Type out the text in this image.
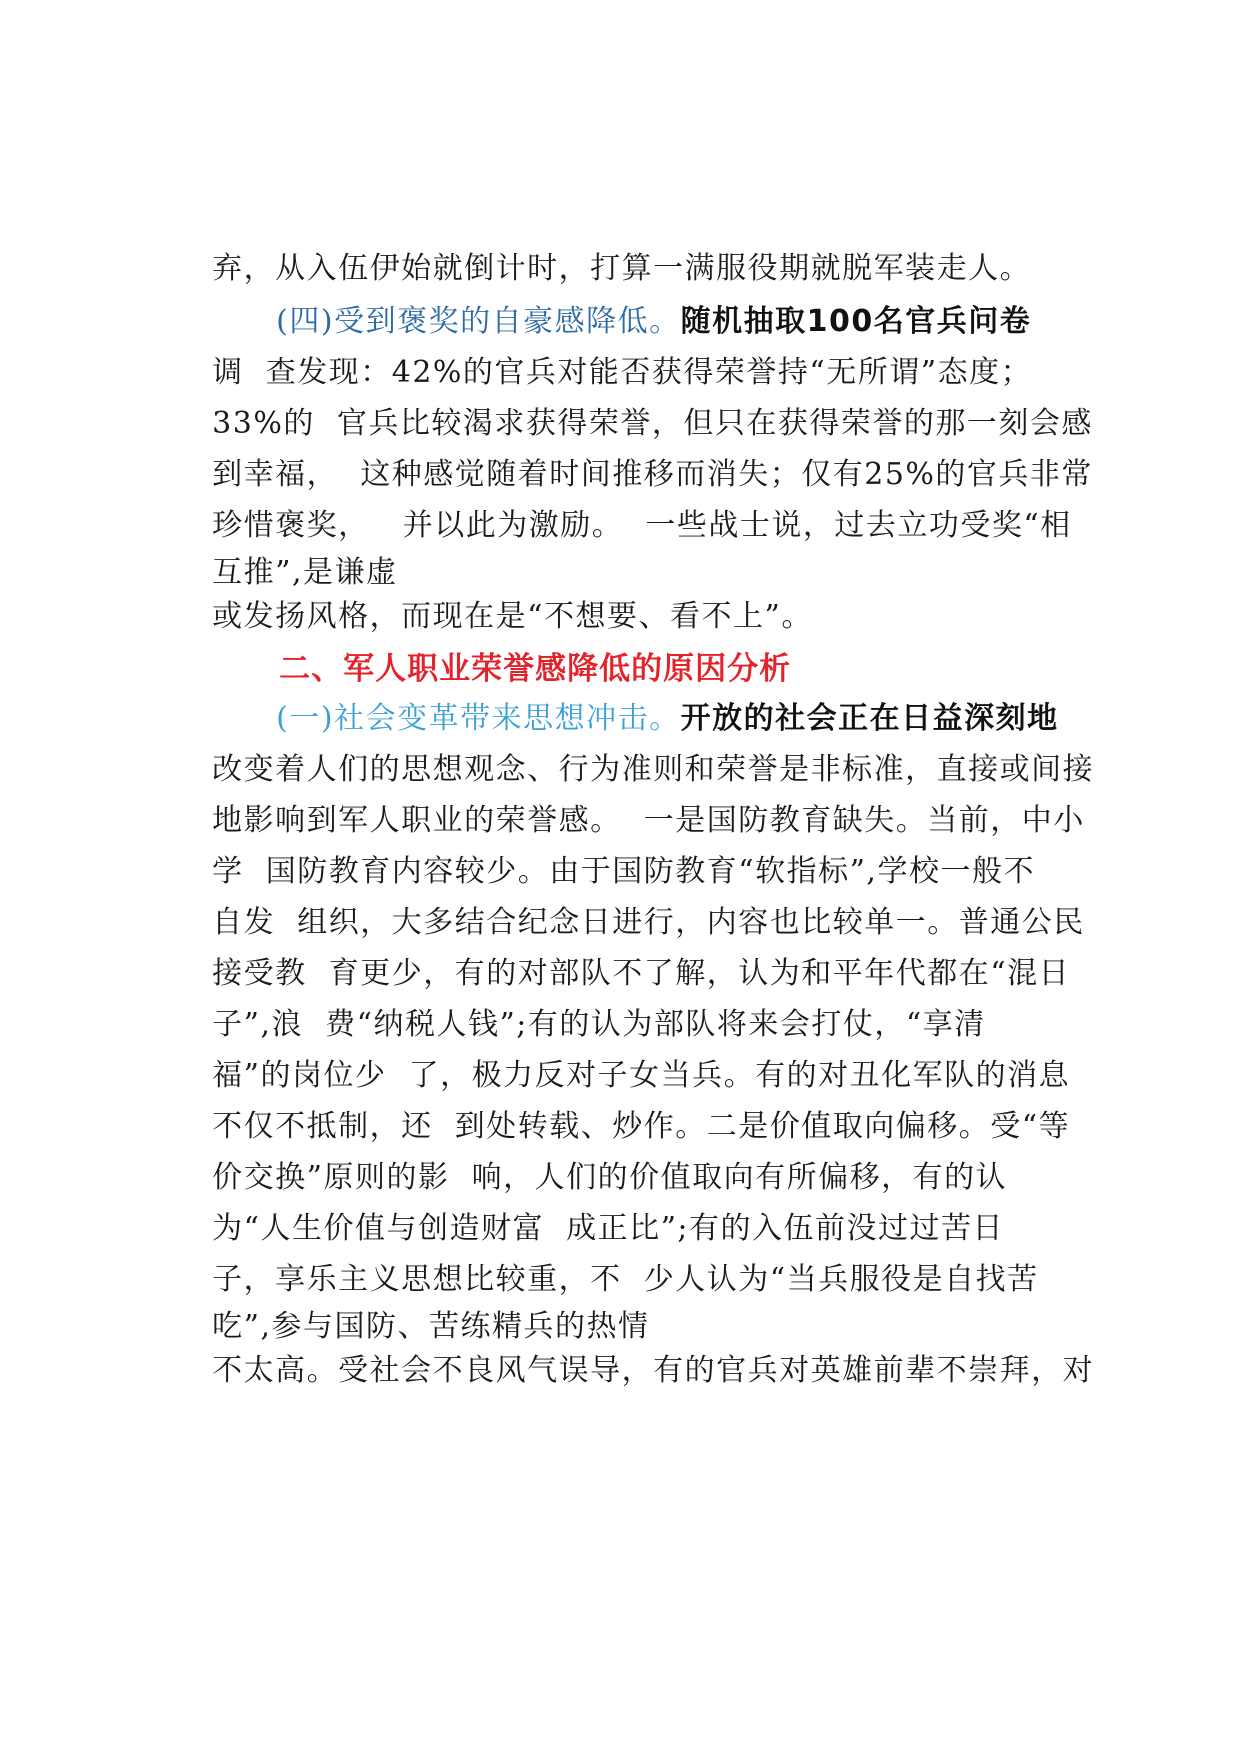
弃，从入伍伊始就倒计时，打算一满服役期就脱军装走人。

(四)受到褒奖的自豪感降低。随机抽取100名官兵问卷

调  查发现：42%的官兵对能否获得荣誉持“无所谓”态度；

33%的  官兵比较渴求获得荣誉，但只在获得荣誉的那一刻会感

到幸福，  这种感觉随着时间推移而消失；仅有25%的官兵非常

珍惜褒奖，   并以此为激励。  一些战士说，过去立功受奖“相

互推”,是谦虚

或发扬风格，而现在是“不想要、看不上”。

二、军人职业荣誉感降低的原因分析

(一)社会变革带来思想冲击。开放的社会正在日益深刻地

改变着人们的思想观念、行为准则和荣誉是非标准，直接或间接

地影响到军人职业的荣誉感。  一是国防教育缺失。当前，中小

学  国防教育内容较少。由于国防教育“软指标”,学校一般不

自发  组织，大多结合纪念日进行，内容也比较单一。普通公民

接受教  育更少，有的对部队不了解，认为和平年代都在“混日

子”,浪  费“纳税人钱”;有的认为部队将来会打仗，“享清

福”的岗位少  了，极力反对子女当兵。有的对丑化军队的消息

不仅不抵制，还  到处转载、炒作。二是价值取向偏移。受“等

价交换”原则的影  响，人们的价值取向有所偏移，有的认

为“人生价值与创造财富  成正比”;有的入伍前没过过苦日

子，享乐主义思想比较重，不  少人认为“当兵服役是自找苦

吃”,参与国防、苦练精兵的热情

不太高。受社会不良风气误导，有的官兵对英雄前辈不崇拜，对
